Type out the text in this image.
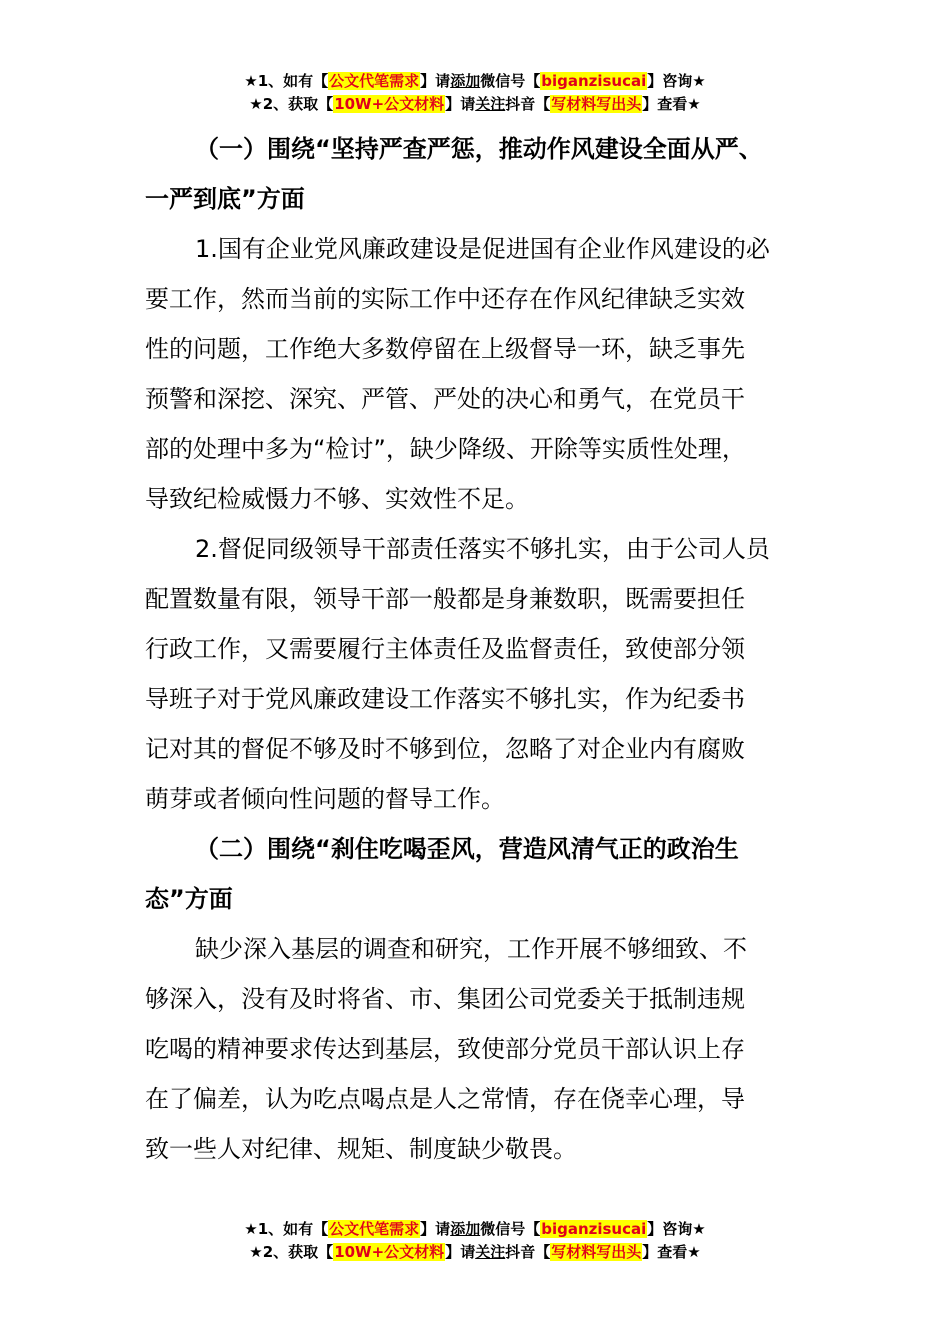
★1、如有【公文代笔需求】请添加微信号【biganzisucai】咨询★
★2、获取【10W+公文材料】请关注抖音【写材料写出头】查看★
（一）围绕“坚持严查严惩，推动作风建设全面从严、
一严到底”方面

1.国有企业党风廉政建设是促进国有企业作风建设的必
要工作，然而当前的实际工作中还存在作风纪律缺乏实效
性的问题，工作绝大多数停留在上级督导一环，缺乏事先
预警和深挖、深究、严管、严处的决心和勇气，在党员干
部的处理中多为“检讨”，缺少降级、开除等实质性处理，
导致纪检威慑力不够、实效性不足。

2.督促同级领导干部责任落实不够扎实，由于公司人员
配置数量有限，领导干部一般都是身兼数职，既需要担任
行政工作，又需要履行主体责任及监督责任，致使部分领
导班子对于党风廉政建设工作落实不够扎实，作为纪委书
记对其的督促不够及时不够到位，忽略了对企业内有腐败
萌芽或者倾向性问题的督导工作。

（二）围绕“刹住吃喝歪风，营造风清气正的政治生
态”方面

缺少深入基层的调查和研究，工作开展不够细致、不
够深入，没有及时将省、市、集团公司党委关于抵制违规
吃喝的精神要求传达到基层，致使部分党员干部认识上存
在了偏差，认为吃点喝点是人之常情，存在侥幸心理，导
致一些人对纪律、规矩、制度缺少敬畏。

★1、如有【公文代笔需求】请添加微信号【biganzisucai】咨询★
★2、获取【10W+公文材料】请关注抖音【写材料写出头】查看★
